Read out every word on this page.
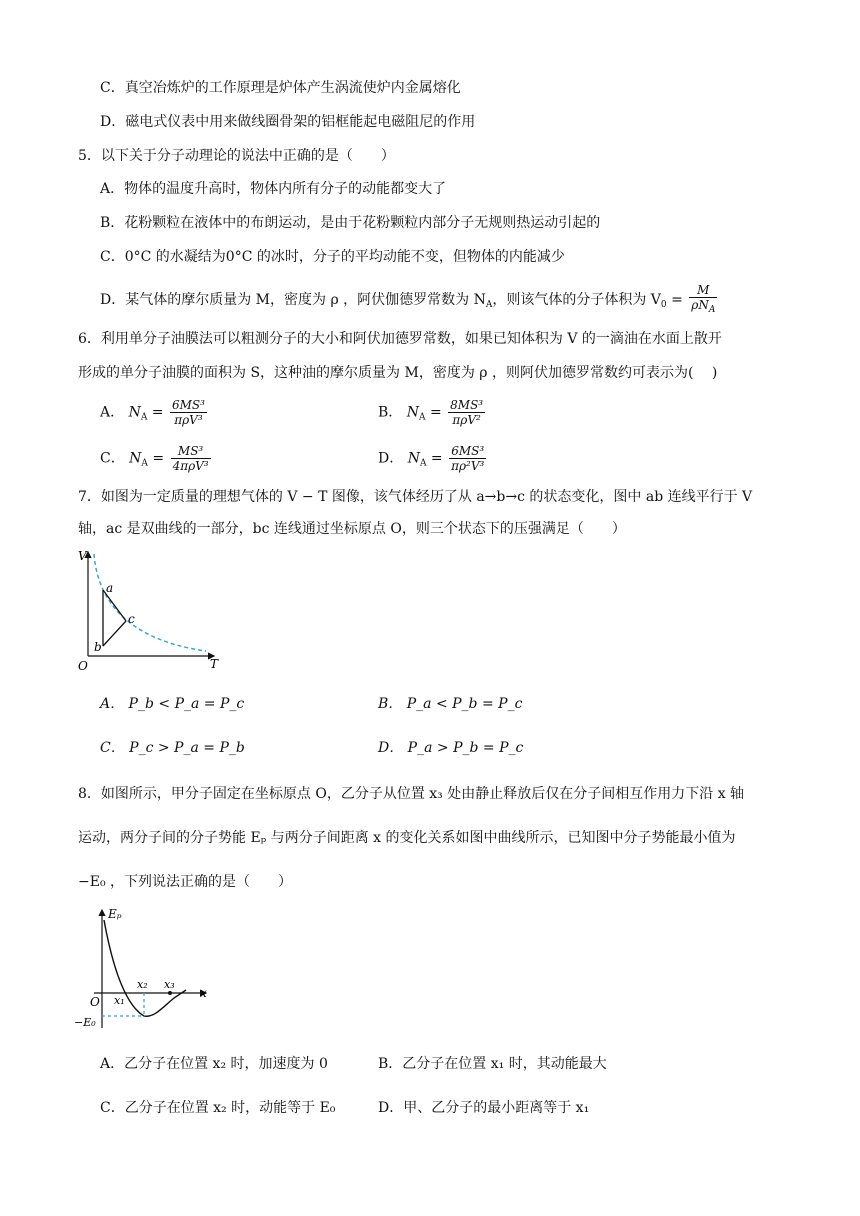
C．真空冶炼炉的工作原理是炉体产生涡流使炉内金属熔化
D．磁电式仪表中用来做线圈骨架的铝框能起电磁阻尼的作用
5．以下关于分子动理论的说法中正确的是（　　）
A．物体的温度升高时，物体内所有分子的动能都变大了
B．花粉颗粒在液体中的布朗运动，是由于花粉颗粒内部分子无规则热运动引起的
C．0°C 的水凝结为0°C 的冰时，分子的平均动能不变，但物体的内能减少
D．某气体的摩尔质量为 M，密度为 ρ ，阿伏伽德罗常数为 $N_A$，则该气体的分子体积为 $V_0 = \frac{M}{\rho N_A}$
6．利用单分子油膜法可以粗测分子的大小和阿伏加德罗常数，如果已知体积为 V 的一滴油在水面上散开
形成的单分子油膜的面积为 S，这种油的摩尔质量为 M，密度为 ρ ，则阿伏加德罗常数约可表示为(　 )
A． $N_A = \frac{\text{6MS³}}{\text{πρV³}}$	B． $N_A = \frac{\text{8MS³}}{\text{πρV²}}$
C． $N_A = \frac{\text{MS³}}{\text{4πρV³}}$	D． $N_A = \frac{\text{6MS³}}{\text{πρ²V³}}$
7．如图为一定质量的理想气体的 V − T 图像，该气体经历了从 a→b→c 的状态变化，图中 ab 连线平行于 V
轴，ac 是双曲线的一部分，bc 连线通过坐标原点 O，则三个状态下的压强满足（　　）
V
T
O
a
b
c
A． P_b < P_a = P_c	B． P_a < P_b = P_c
C． P_c > P_a = P_b	D． P_a > P_b = P_c
8．如图所示，甲分子固定在坐标原点 O，乙分子从位置 x₃ 处由静止释放后仅在分子间相互作用力下沿 x 轴
运动，两分子间的分子势能 Eₚ 与两分子间距离 x 的变化关系如图中曲线所示，已知图中分子势能最小值为
−E₀ ，下列说法正确的是（　　）
Eₚ
x
O x₁
x₂ x₃
−E₀
A．乙分子在位置 x₂ 时，加速度为 0	B．乙分子在位置 x₁ 时，其动能最大
C．乙分子在位置 x₂ 时，动能等于 E₀	D．甲、乙分子的最小距离等于 x₁
